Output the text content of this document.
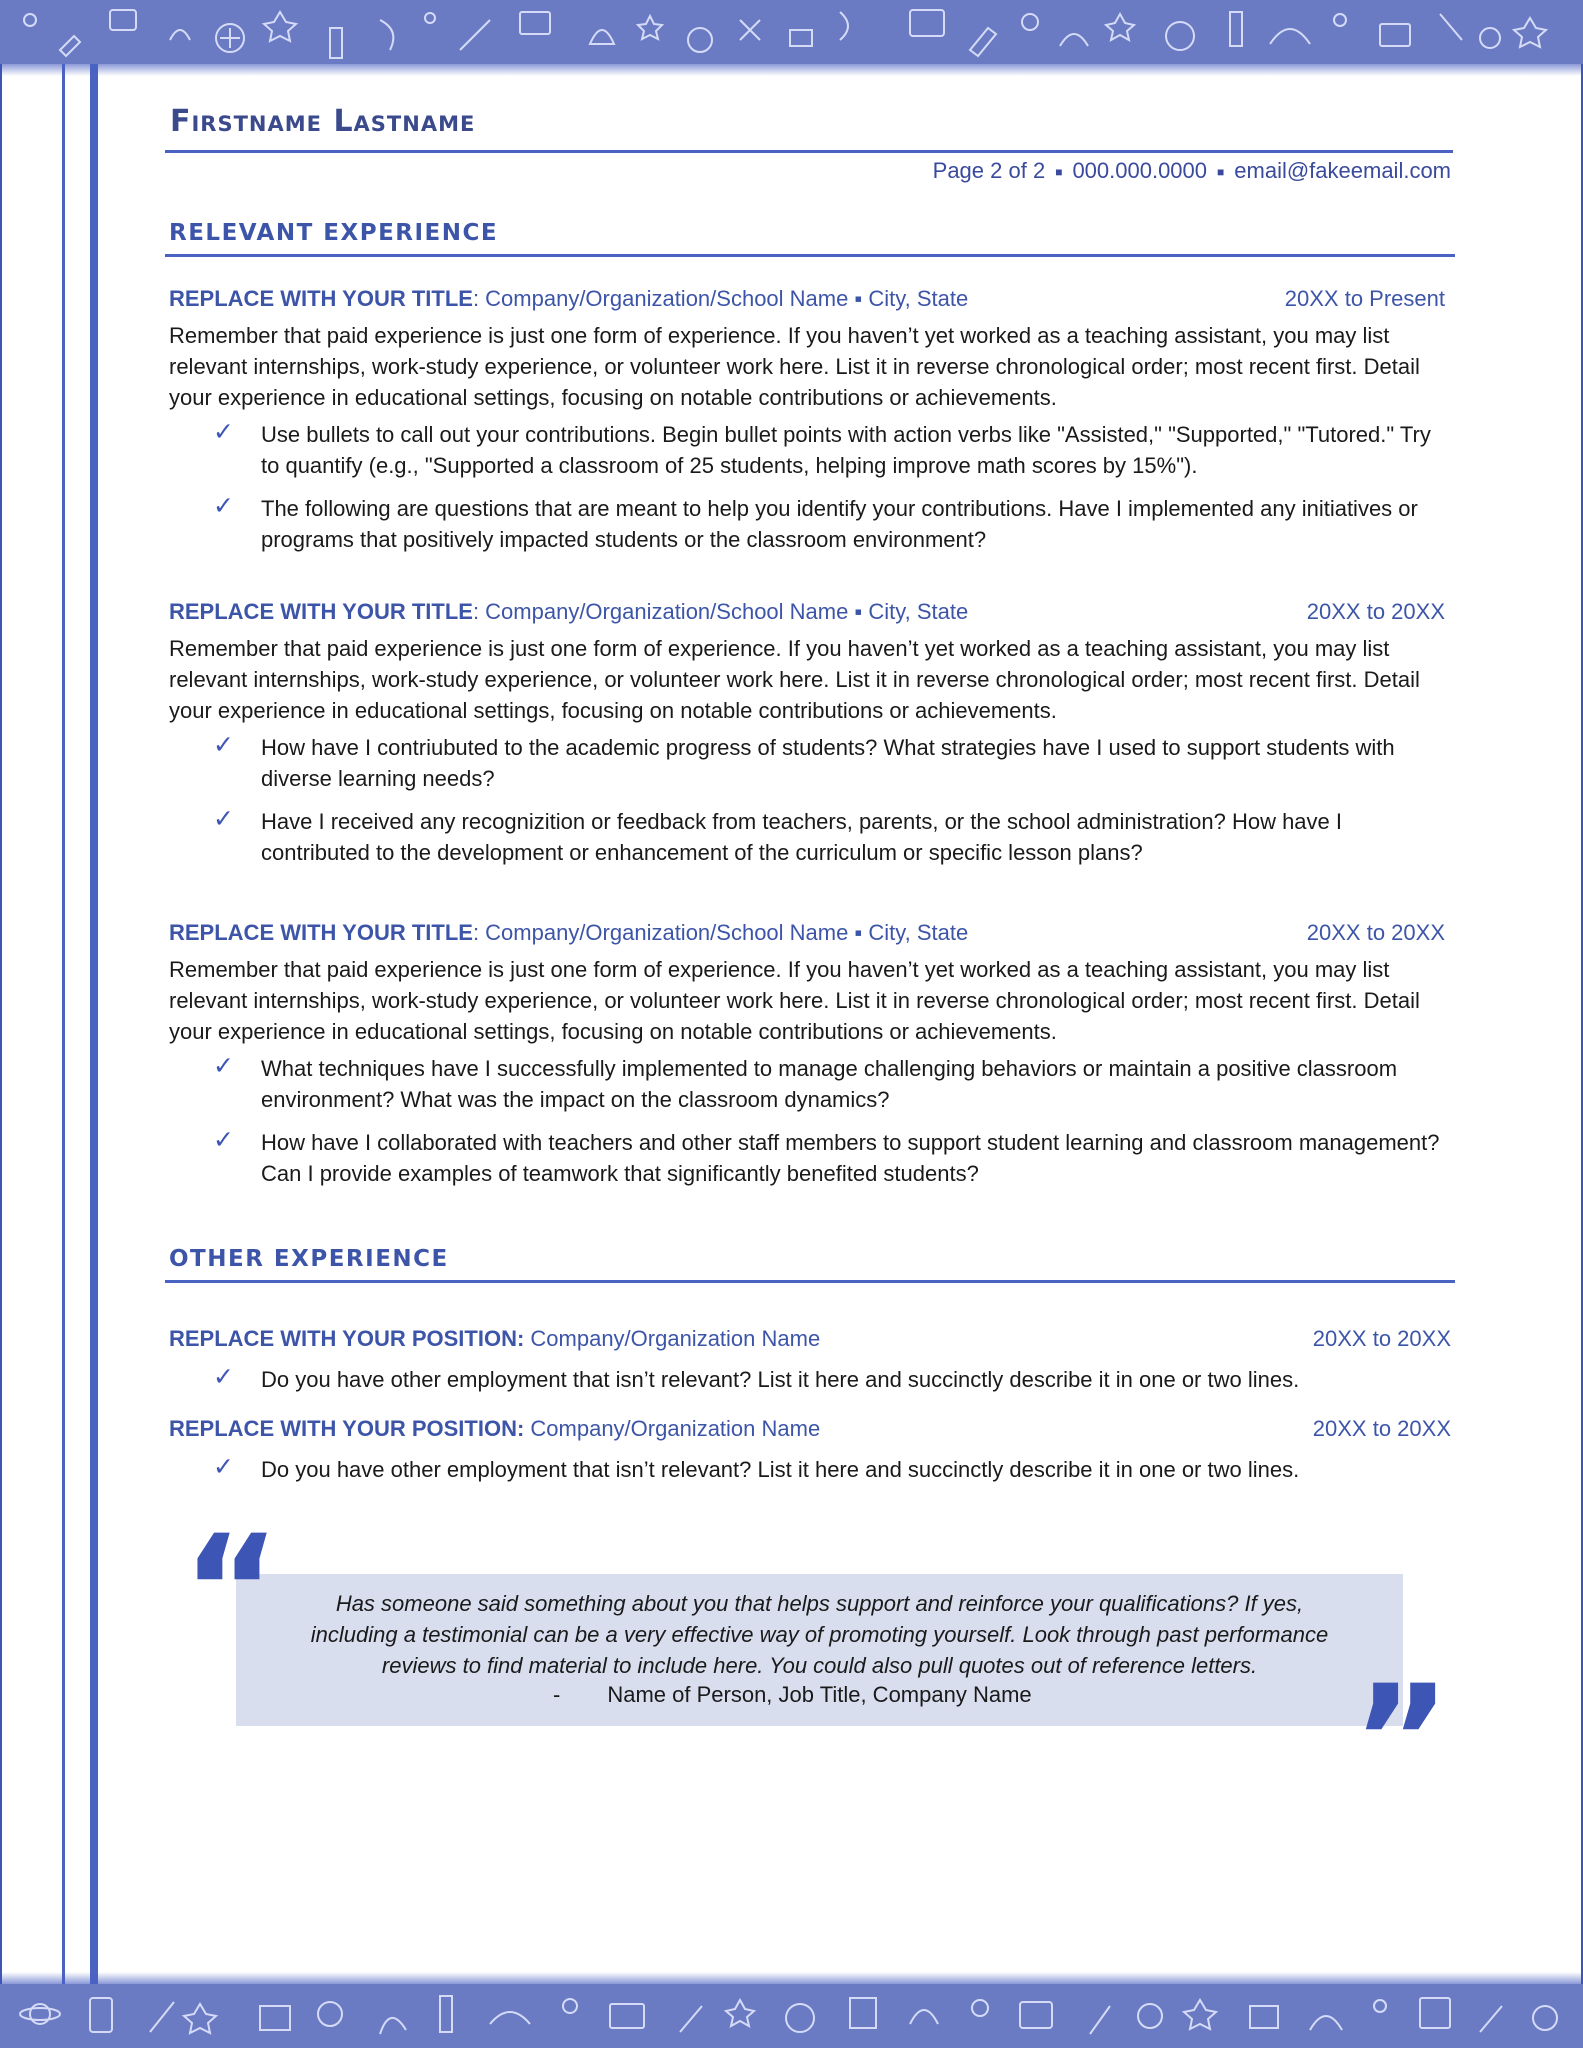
Firstname Lastname
Page 2 of 2 ■ 000.000.0000 ■ email@fakeemail.com
RELEVANT EXPERIENCE
REPLACE WITH YOUR TITLE: Company/Organization/School Name ▪ City, State	20XX to Present
Remember that paid experience is just one form of experience. If you haven’t yet worked as a teaching assistant, you may list relevant internships, work-study experience, or volunteer work here. List it in reverse chronological order; most recent first. Detail your experience in educational settings, focusing on notable contributions or achievements.
✓ Use bullets to call out your contributions. Begin bullet points with action verbs like "Assisted," "Supported," "Tutored." Try to quantify (e.g., "Supported a classroom of 25 students, helping improve math scores by 15%").
✓ The following are questions that are meant to help you identify your contributions. Have I implemented any initiatives or programs that positively impacted students or the classroom environment?
REPLACE WITH YOUR TITLE: Company/Organization/School Name ▪ City, State	20XX to 20XX
Remember that paid experience is just one form of experience. If you haven’t yet worked as a teaching assistant, you may list relevant internships, work-study experience, or volunteer work here. List it in reverse chronological order; most recent first. Detail your experience in educational settings, focusing on notable contributions or achievements.
✓ How have I contriubuted to the academic progress of students? What strategies have I used to support students with diverse learning needs?
✓ Have I received any recognizition or feedback from teachers, parents, or the school administration? How have I contributed to the development or enhancement of the curriculum or specific lesson plans?
REPLACE WITH YOUR TITLE: Company/Organization/School Name ▪ City, State	20XX to 20XX
Remember that paid experience is just one form of experience. If you haven’t yet worked as a teaching assistant, you may list relevant internships, work-study experience, or volunteer work here. List it in reverse chronological order; most recent first. Detail your experience in educational settings, focusing on notable contributions or achievements.
✓ What techniques have I successfully implemented to manage challenging behaviors or maintain a positive classroom environment? What was the impact on the classroom dynamics?
✓ How have I collaborated with teachers and other staff members to support student learning and classroom management? Can I provide examples of teamwork that significantly benefited students?
OTHER EXPERIENCE
REPLACE WITH YOUR POSITION: Company/Organization Name	20XX to 20XX
✓ Do you have other employment that isn’t relevant? List it here and succinctly describe it in one or two lines.
REPLACE WITH YOUR POSITION: Company/Organization Name	20XX to 20XX
✓ Do you have other employment that isn’t relevant? List it here and succinctly describe it in one or two lines.
Has someone said something about you that helps support and reinforce your qualifications? If yes,
including a testimonial can be a very effective way of promoting yourself. Look through past performance
reviews to find material to include here. You could also pull quotes out of reference letters.
- Name of Person, Job Title, Company Name
“
”
